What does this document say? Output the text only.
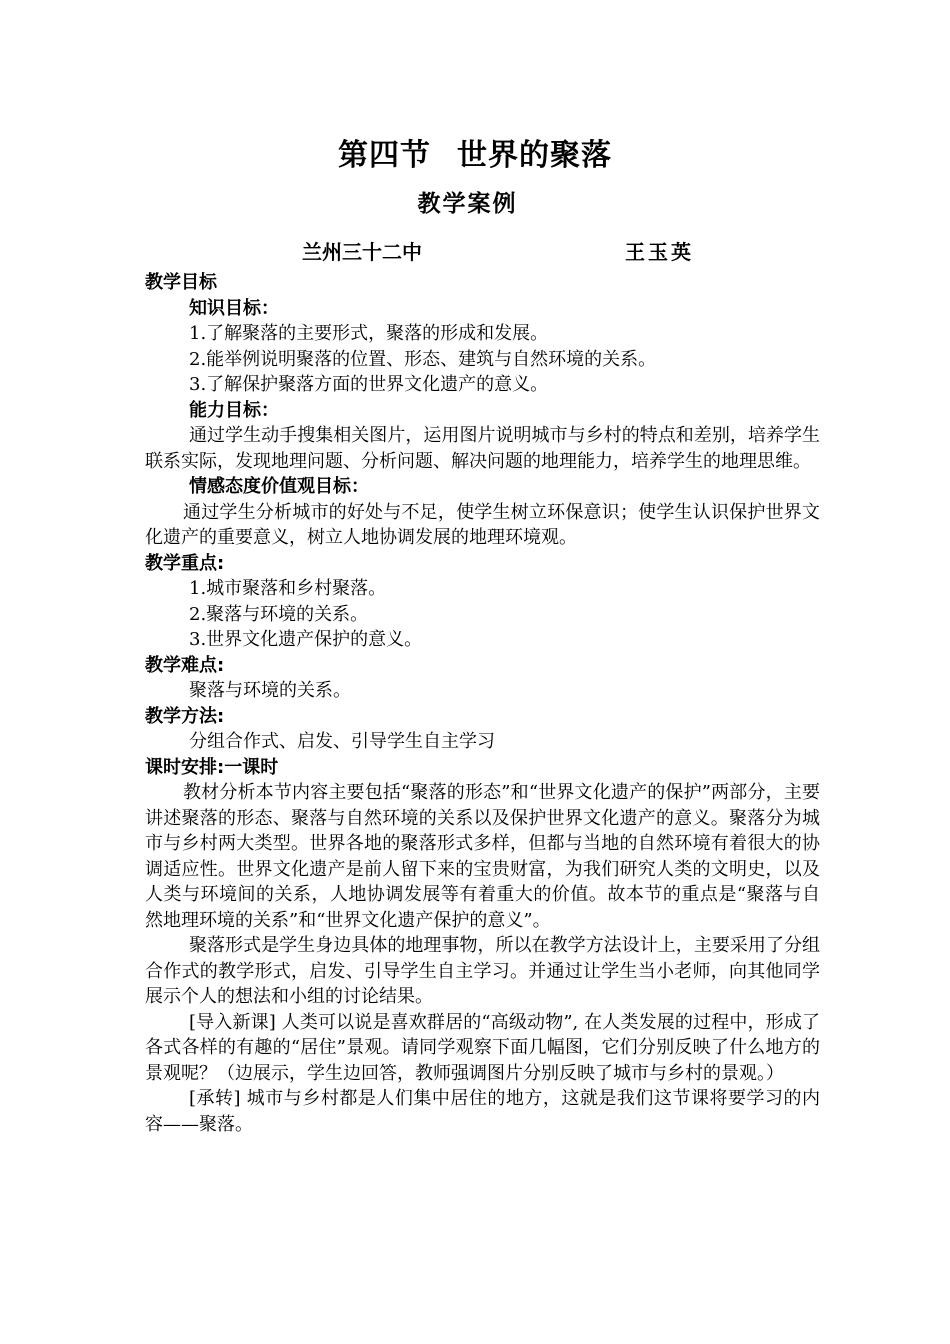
第四节 世界的聚落
教学案例
兰州三十二中	王玉英
教学目标
知识目标：
1.了解聚落的主要形式，聚落的形成和发展。
2.能举例说明聚落的位置、形态、建筑与自然环境的关系。
3.了解保护聚落方面的世界文化遗产的意义。
能力目标：
通过学生动手搜集相关图片，运用图片说明城市与乡村的特点和差别，培养学生联系实际，发现地理问题、分析问题、解决问题的地理能力，培养学生的地理思维。
情感态度价值观目标：
通过学生分析城市的好处与不足，使学生树立环保意识；使学生认识保护世界文化遗产的重要意义，树立人地协调发展的地理环境观。
教学重点:
1.城市聚落和乡村聚落。
2.聚落与环境的关系。
3.世界文化遗产保护的意义。
教学难点:
聚落与环境的关系。
教学方法:
分组合作式、启发、引导学生自主学习
课时安排:一课时
教材分析本节内容主要包括“聚落的形态”和“世界文化遗产的保护”两部分，主要讲述聚落的形态、聚落与自然环境的关系以及保护世界文化遗产的意义。聚落分为城市与乡村两大类型。世界各地的聚落形式多样，但都与当地的自然环境有着很大的协调适应性。世界文化遗产是前人留下来的宝贵财富，为我们研究人类的文明史，以及人类与环境间的关系，人地协调发展等有着重大的价值。故本节的重点是“聚落与自然地理环境的关系”和“世界文化遗产保护的意义”。
聚落形式是学生身边具体的地理事物，所以在教学方法设计上，主要采用了分组合作式的教学形式，启发、引导学生自主学习。并通过让学生当小老师，向其他同学展示个人的想法和小组的讨论结果。
[导入新课] 人类可以说是喜欢群居的“高级动物”, 在人类发展的过程中，形成了各式各样的有趣的“居住”景观。请同学观察下面几幅图，它们分别反映了什么地方的景观呢？（边展示，学生边回答，教师强调图片分别反映了城市与乡村的景观。）
[承转] 城市与乡村都是人们集中居住的地方，这就是我们这节课将要学习的内容——聚落。
